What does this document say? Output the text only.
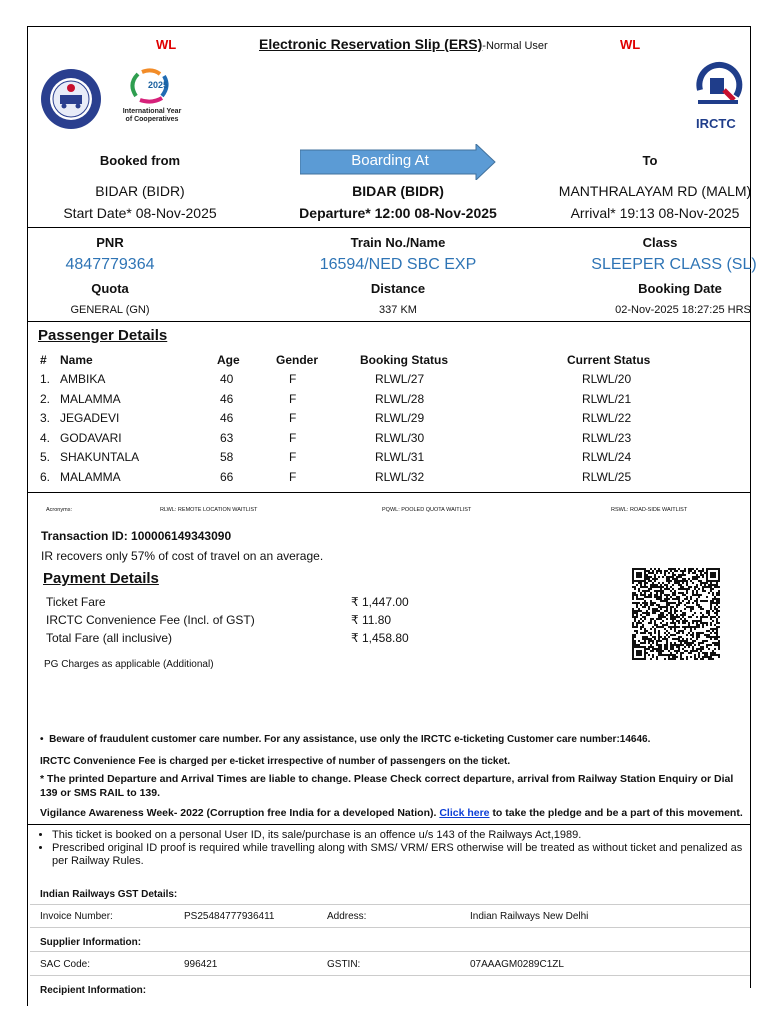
WL	Electronic Reservation Slip (ERS)-Normal User	WL
2025
International Year
of Cooperatives	IRCTC
Booked from	Boarding At	To
BIDAR (BIDR)	BIDAR (BIDR)	MANTHRALAYAM RD (MALM)
Start Date* 08-Nov-2025	Departure* 12:00 08-Nov-2025	Arrival* 19:13 08-Nov-2025
PNR	Train No./Name	Class
4847779364	16594/NED SBC EXP	SLEEPER CLASS (SL)
Quota	Distance	Booking Date
GENERAL (GN)	337 KM	02-Nov-2025 18:27:25 HRS
Passenger Details
# Name	Age	Gender	Booking Status	Current Status
1. AMBIKA	40	F	RLWL/27	RLWL/20
2. MALAMMA	46	F	RLWL/28	RLWL/21
3. JEGADEVI	46	F	RLWL/29	RLWL/22
4. GODAVARI	63	F	RLWL/30	RLWL/23
5. SHAKUNTALA	58	F	RLWL/31	RLWL/24
6. MALAMMA	66	F	RLWL/32	RLWL/25
Acronyms:	RLWL: REMOTE LOCATION WAITLIST	PQWL: POOLED QUOTA WAITLIST	RSWL: ROAD-SIDE WAITLIST
Transaction ID: 100006149343090
IR recovers only 57% of cost of travel on an average.
Payment Details
Ticket Fare	₹ 1,447.00
IRCTC Convenience Fee (Incl. of GST)	₹ 11.80
Total Fare (all inclusive)	₹ 1,458.80
PG Charges as applicable (Additional)
•  Beware of fraudulent customer care number. For any assistance, use only the IRCTC e-ticketing Customer care number:14646.
IRCTC Convenience Fee is charged per e-ticket irrespective of number of passengers on the ticket.
* The printed Departure and Arrival Times are liable to change. Please Check correct departure, arrival from Railway Station Enquiry or Dial 139 or SMS RAIL to 139.
Vigilance Awareness Week- 2022 (Corruption free India for a developed Nation). Click here to take the pledge and be a part of this movement.
• This ticket is booked on a personal User ID, its sale/purchase is an offence u/s 143 of the Railways Act,1989.
• Prescribed original ID proof is required while travelling along with SMS/ VRM/ ERS otherwise will be treated as without ticket and penalized as per Railway Rules.
Indian Railways GST Details:
Invoice Number:	PS25484777936411	Address:	Indian Railways New Delhi
Supplier Information:
SAC Code:	996421	GSTIN:	07AAAGM0289C1ZL
Recipient Information:
